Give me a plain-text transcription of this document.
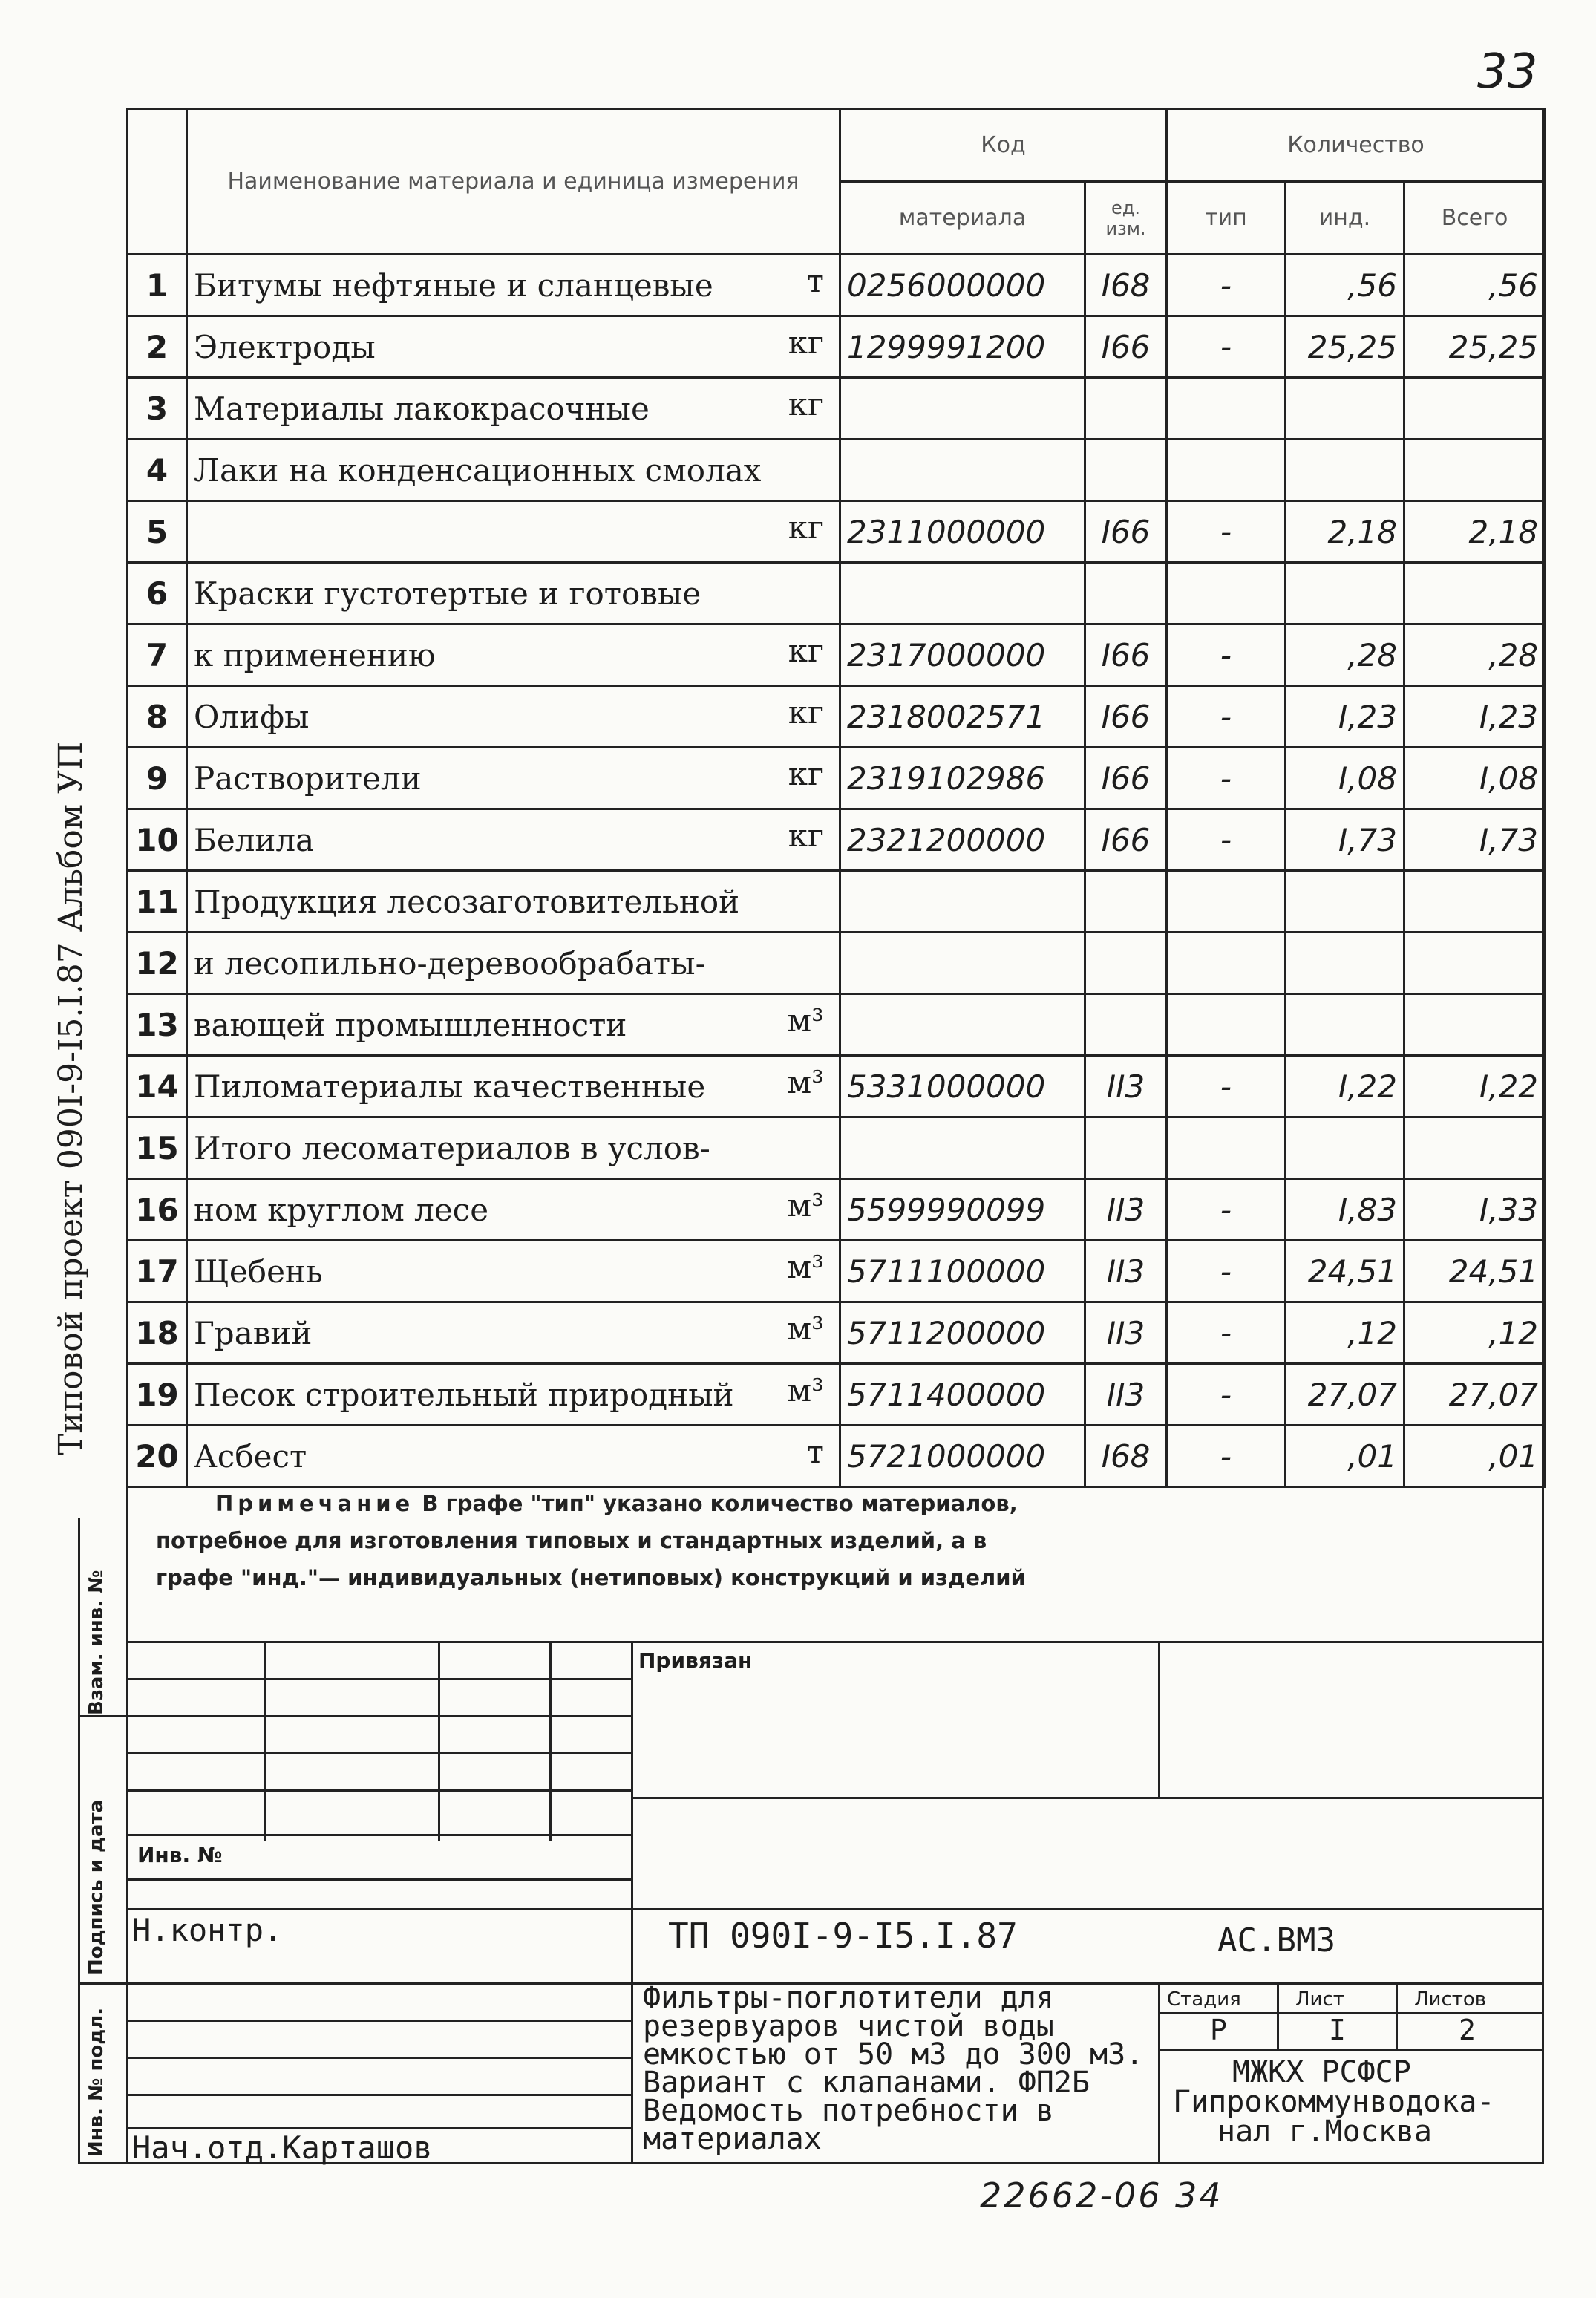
33
Типовой проект 090I-9-I5.I.87 Альбом УП
	Наименование материала и единица измерения	Код		Количество		
		материала	ед. изм.	тип	инд.	Всего
1	Битумы нефтяные и сланцевые т	0256000000	I68	-	,56	,56
2	Электроды кг	1299991200	I66	-	25,25	25,25
3	Материалы лакокрасочные кг					

4	Лаки на конденсационных смолах

5	кг	2311000000	I66	-	2,18	2,18
6	Краски густотертые и готовые

7	к применению кг	2317000000	I66	-	,28	,28
8	Олифы кг	2318002571	I66	-	I,23	I,23
9	Растворители кг	2319102986	I66	-	I,08	I,08
10	Белила кг	2321200000	I66	-	I,73	I,73
11	Продукция лесозаготовительной

12	и лесопильно-деревообрабаты-

13	вающей промышленности м³					

14	Пиломатериалы качественные м³	5331000000	II3	-	I,22	I,22
15	Итого лесоматериалов в услов-

16	ном круглом лесе м³	5599990099	II3	-	I,83	I,33
17	Щебень м³	5711100000	II3	-	24,51	24,51
18	Гравий м³	5711200000	II3	-	,12	,12
19	Песок строительный природный м³	5711400000	II3	-	27,07	27,07
20	Асбест т	5721000000	I68	-	,01	,01
Примечание В графе "тип" указано количество материалов, потребное для изготовления типовых и стандартных изделий, а в графе "инд."— индивидуальных (нетиповых) конструкций и изделий
Взам. инв. №
Подпись и дата
Инв. № подл.
Привязан
Инв. №
Н.контр.
Нач.отд.Карташов
ТП 090I-9-I5.I.87	АС.ВМ3
Фильтры-поглотители для резервуаров чистой воды емкостью от 50 м3 до 300 м3. Вариант с клапанами. ФП2Б Ведомость потребности в материалах
Стадия	Лист	Листов
Р	I	2
МЖКХ РСФСР
Гипрокоммунводока-
нал г.Москва
22662-06 34
